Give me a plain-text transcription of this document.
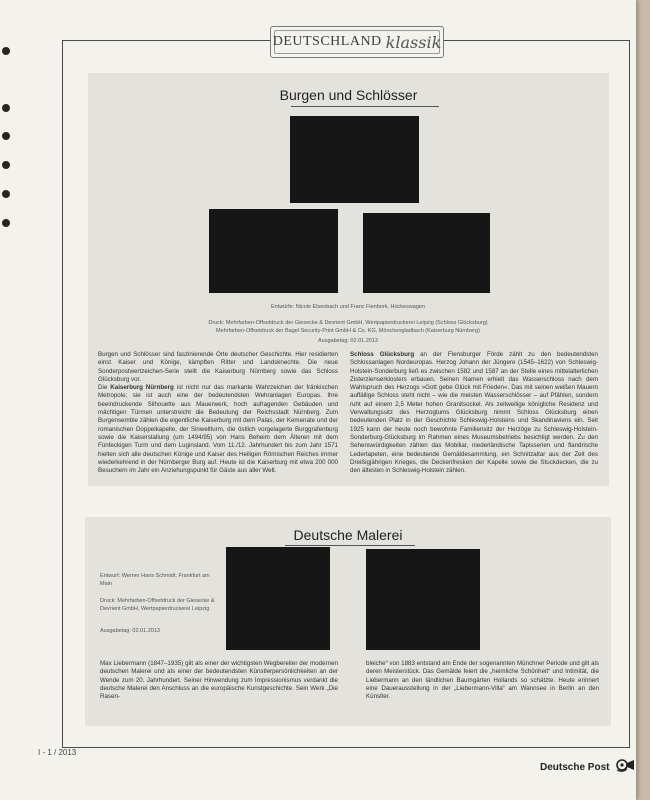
DEUTSCHLAND klassik
Burgen und Schlösser
Entwürfe: Nicole Elsenbach und Franc Fienbork, Hückeswagen
Druck: Mehrfarben-Offsetdruck der Giesecke & Devrient GmbH, Wertpapierdruckerei Leipzig (Schloss Glücksburg)
Mehrfarben-Offsetdruck der Bagel Security-Print GmbH & Co. KG, Mönchengladbach (Kaiserburg Nürnberg)
Ausgabetag: 02.01.2013
Burgen und Schlösser sind faszinierende Orte deutscher Geschichte. Hier residierten einst Kaiser und Könige, kämpften Ritter und Landsknechte. Die neue Sonderpostwertzeichen-Serie stellt die Kaiserburg Nürnberg sowie das Schloss Glücksburg vor.
Die Kaiserburg Nürnberg ist nicht nur das markante Wahrzeichen der fränkischen Metropole; sie ist auch eine der bedeutendsten Wehranlagen Europas. Ihre beeindruckende Silhouette aus Mauerwerk, hoch aufragenden Gebäuden und mächtigen Türmen unterstreicht die Bedeutung der Reichsstadt Nürnberg. Zum Burgensemble zählen die eigentliche Kaiserburg mit dem Palas, der Kemenate und der romanischen Doppelkapelle, der Sinwellturm, die östlich vorgelagerte Burggrafenburg sowie die Kaiserstallung (um 1494/95) von Hans Beheim dem Älteren mit dem Fünfeckigen Turm und dem Luginsland. Vom 11./12. Jahrhundert bis zum Jahr 1571 hielten sich alle deutschen Könige und Kaiser des Heiligen Römischen Reiches immer wiederkehrend in der Nürnberger Burg auf. Heute ist die Kaiserburg mit etwa 200 000 Besuchern im Jahr ein Anziehungspunkt für Gäste aus aller Welt.
Schloss Glücksburg an der Flensburger Förde zählt zu den bedeutendsten Schlossanlagen Nordeuropas. Herzog Johann der Jüngere (1545–1622) von Schleswig-Holstein-Sonderburg ließ es zwischen 1582 und 1587 an der Stelle eines mittelalterlichen Zisterzienserklosters erbauen. Seinen Namen erhielt das Wasserschloss nach dem Wahlspruch des Herzogs »Gott gebe Glück mit Frieden«. Das mit seinen weißen Mauern auffällige Schloss steht nicht – wie die meisten Wasserschlösser – auf Pfählen, sondern ruht auf einem 2,5 Meter hohen Granitsockel. Als zeitweilige königliche Residenz und Verwaltungssitz des Herzogtums Glücksburg nimmt Schloss Glücksburg einen bedeutenden Platz in der Geschichte Schleswig-Holsteins und Skandinaviens ein. Seit 1925 kann der heute noch bewohnte Familiensitz der Herzöge zu Schleswig-Holstein-Sonderburg-Glücksburg im Rahmen eines Museumsbetriebs besichtigt werden. Zu den Sehenswürdigkeiten zählen das Mobiliar, niederländische Tapisserien und flandrische Ledertapeten, eine bedeutende Gemäldesammlung, ein Schnitzaltar aus der Zeit des Dreißigjährigen Krieges, die Deckenfresken der Kapelle sowie die Stuckdecken, die zu den ältesten in Schleswig-Holstein zählen.
Deutsche Malerei
Entwurf: Werner Hans Schmidt, Frankfurt am Main
Druck: Mehrfarben-Offsetdruck der Giesecke & Devrient GmbH, Wertpapierdruckerei Leipzig
Ausgabetag: 02.01.2013
Max Liebermann (1847–1935) gilt als einer der wichtigsten Wegbereiter der modernen deutschen Malerei und als einer der bedeutendsten Künstlerpersönlichkeiten an der Wende zum 20. Jahrhundert. Seiner Hinwendung zum Impressionismus verdankt die deutsche Malerei den Anschluss an die europäische Kunstgeschichte. Sein Werk „Die Rasen-
bleiche“ von 1883 entstand am Ende der sogenannten Münchner Periode und gilt als deren Meisterstück. Das Gemälde feiert die „heimliche Schönheit“ und Intimität, die Liebermann an den ländlichen Baumgärten Hollands so schätzte. Heute erinnert eine Dauerausstellung in der „Liebermann-Villa“ am Wannsee in Berlin an den Künstler.
I - 1 / 2013
Deutsche Post
